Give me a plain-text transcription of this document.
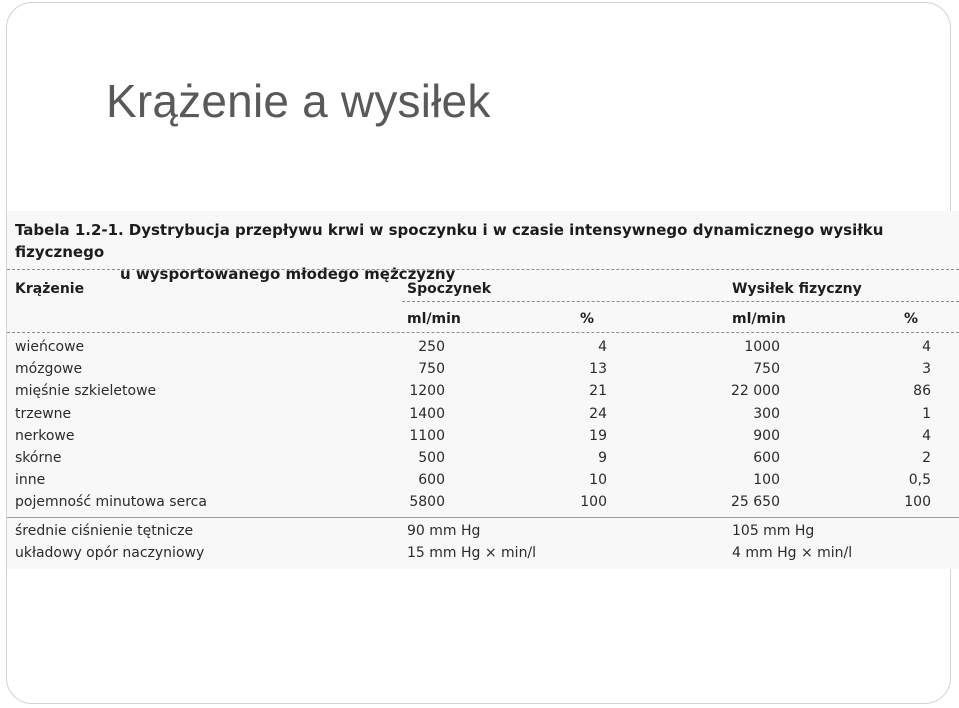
Krążenie a wysiłek
Tabela 1.2-1. Dystrybucja przepływu krwi w spoczynku i w czasie intensywnego dynamicznego wysiłku fizycznego
u wysportowanego młodego mężczyzny
Krążenie	Spoczynek	Wysiłek fizyczny
ml/min	%	ml/min	%
wieńcowe	250	4	1000	4
mózgowe	750	13	750	3
mięśnie szkieletowe	1200	21	22 000	86
trzewne	1400	24	300	1
nerkowe	1100	19	900	4
skórne	500	9	600	2
inne	600	10	100	0,5
pojemność minutowa serca	5800	100	25 650	100
średnie ciśnienie tętnicze	90 mm Hg	105 mm Hg
układowy opór naczyniowy	15 mm Hg × min/l	4 mm Hg × min/l
